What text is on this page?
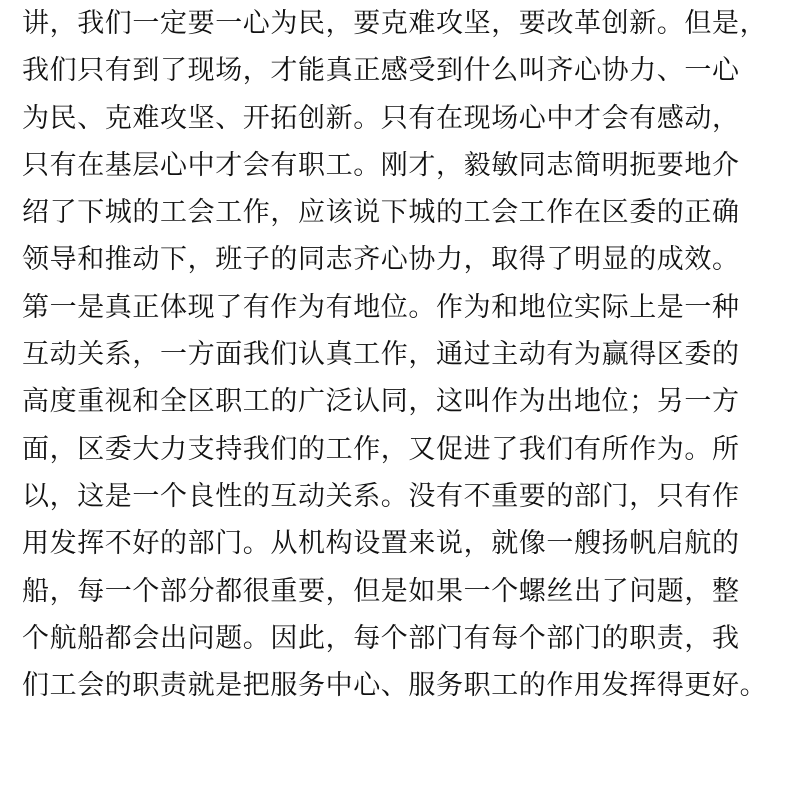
讲，我们一定要一心为民，要克难攻坚，要改革创新。但是，
我们只有到了现场，才能真正感受到什么叫齐心协力、一心
为民、克难攻坚、开拓创新。只有在现场心中才会有感动，
只有在基层心中才会有职工。刚才，毅敏同志简明扼要地介
绍了下城的工会工作，应该说下城的工会工作在区委的正确
领导和推动下，班子的同志齐心协力，取得了明显的成效。
第一是真正体现了有作为有地位。作为和地位实际上是一种
互动关系，一方面我们认真工作，通过主动有为赢得区委的
高度重视和全区职工的广泛认同，这叫作为出地位；另一方
面，区委大力支持我们的工作，又促进了我们有所作为。所
以，这是一个良性的互动关系。没有不重要的部门，只有作
用发挥不好的部门。从机构设置来说，就像一艘扬帆启航的
船，每一个部分都很重要，但是如果一个螺丝出了问题，整
个航船都会出问题。因此，每个部门有每个部门的职责，我
们工会的职责就是把服务中心、服务职工的作用发挥得更好。
